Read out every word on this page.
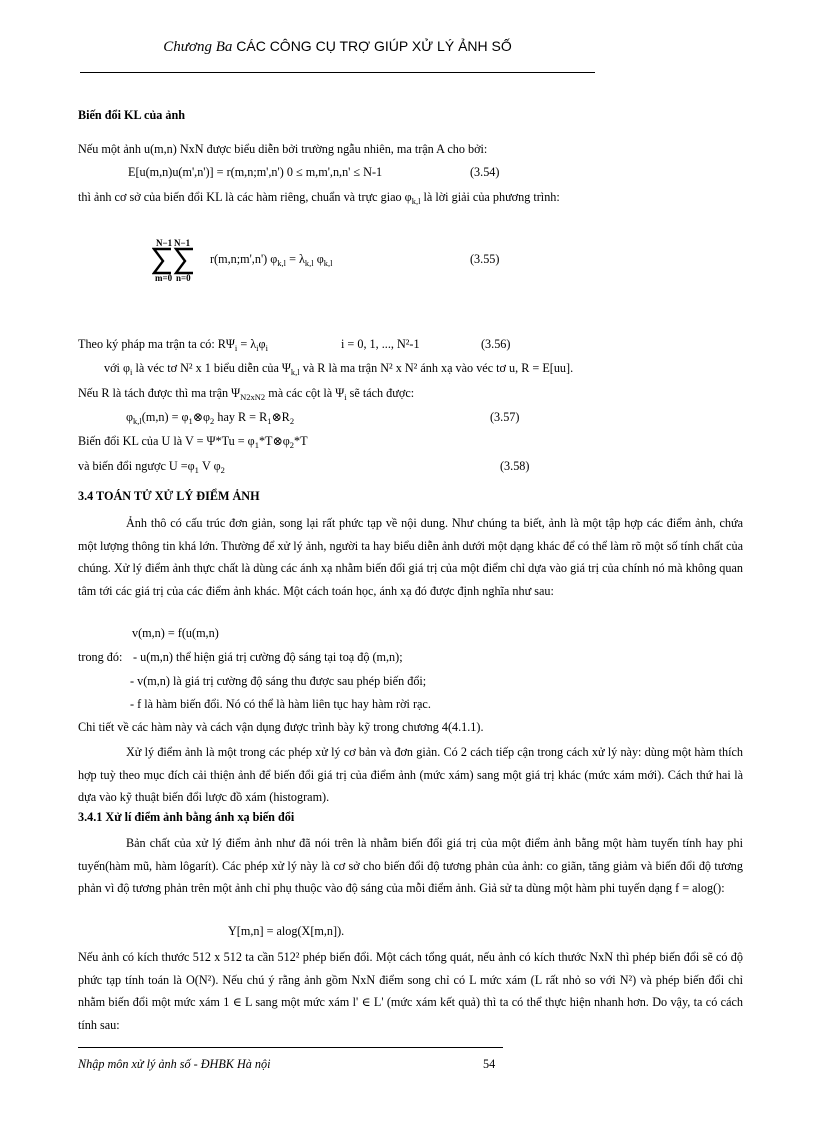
Chương Ba CÁC CÔNG CỤ TRỢ GIÚP XỬ LÝ ẢNH SỐ
Biến đổi KL của ảnh
Nếu một ảnh u(m,n) NxN được biểu diễn bởi trường ngẫu nhiên, ma trận A cho bởi:
E[u(m,n)u(m',n')] = r(m,n;m',n') 0 ≤ m,m',n,n' ≤ N-1	(3.54)
thì ảnh cơ sở của biến đổi KL là các hàm riêng, chuẩn và trực giao $\varphi_{k,l}$ là lời giải của phương trình:
N−1 N−1
m=0 n=0
r(m,n;m',n') $\varphi_{k,l} = \lambda_{k,l}$ $\varphi_{k,l}$	(3.55)
Theo ký pháp ma trận ta có: $R\Psi_i = \lambda_i\varphi_i$	i = 0, 1, ..., N²-1	(3.56)
với $\varphi_i$ là véc tơ N² x 1 biểu diễn của $\Psi_{k,l}$ và R là ma trận N² x N² ánh xạ vào véc tơ u, R = E[uu].
Nếu R là tách được thì ma trận $\Psi_{N2xN2}$ mà các cột là $\Psi_i$ sẽ tách được:
$\varphi_{k,l}(m,n)$ = $\varphi_1\otimes\varphi_2$ hay $R = R_1\otimes R_2$	(3.57)
Biến đổi KL của U là $V = \Psi*Tu = \varphi_1*T\otimes\varphi_2*T$
và biến đổi ngược $U =\varphi_1$ V $\varphi_2$	(3.58)
3.4 TOÁN TỬ XỬ LÝ ĐIỂM ẢNH
Ảnh thô có cấu trúc đơn giản, song lại rất phức tạp về nội dung. Như chúng ta biết, ảnh là một tập hợp các điểm ảnh, chứa một lượng thông tin khá lớn. Thường để xử lý ảnh, người ta hay biểu diễn ảnh dưới một dạng khác để có thể làm rõ một số tính chất của chúng. Xử lý điểm ảnh thực chất là dùng các ánh xạ nhằm biến đổi giá trị của một điểm chỉ dựa vào giá trị của chính nó mà không quan tâm tới các giá trị của các điểm ảnh khác. Một cách toán học, ánh xạ đó được định nghĩa như sau:
v(m,n) = f(u(m,n)
trong đó: - u(m,n) thể hiện giá trị cường độ sáng tại toạ độ (m,n);
- v(m,n) là giá trị cường độ sáng thu được sau phép biến đổi;
- f là hàm biến đổi. Nó có thể là hàm liên tục hay hàm rời rạc.
Chi tiết về các hàm này và cách vận dụng được trình bày kỹ trong chương 4(4.1.1).
Xử lý điểm ảnh là một trong các phép xử lý cơ bản và đơn giản. Có 2 cách tiếp cận trong cách xử lý này: dùng một hàm thích hợp tuỳ theo mục đích cải thiện ảnh để biến đổi giá trị của điểm ảnh (mức xám) sang một giá trị khác (mức xám mới). Cách thứ hai là dựa vào kỹ thuật biến đổi lược đồ xám (histogram).
3.4.1 Xử lí điểm ảnh bằng ánh xạ biến đổi
Bản chất của xử lý điểm ảnh như đã nói trên là nhằm biến đổi giá trị của một điểm ảnh bằng một hàm tuyến tính hay phi tuyến(hàm mũ, hàm lôgarít). Các phép xử lý này là cơ sở cho biến đổi độ tương phản của ảnh: co giãn, tăng giảm và biến đổi độ tương phản vì độ tương phản trên một ảnh chỉ phụ thuộc vào độ sáng của mỗi điểm ảnh. Giả sử ta dùng một hàm phi tuyến dạng f = alog():
Y[m,n] = alog(X[m,n]).
Nếu ảnh có kích thước 512 x 512 ta cần 512² phép biến đổi. Một cách tổng quát, nếu ảnh có kích thước NxN thì phép biến đổi sẽ có độ phức tạp tính toán là O(N²). Nếu chú ý rằng ảnh gồm NxN điểm song chỉ có L mức xám (L rất nhỏ so với N²) và phép biến đổi chỉ nhằm biến đổi một mức xám 1 ∈ L sang một mức xám l' ∈ L' (mức xám kết quả) thì ta có thể thực hiện nhanh hơn. Do vậy, ta có cách tính sau:
Nhập môn xử lý ảnh số - ĐHBK Hà nội	54
